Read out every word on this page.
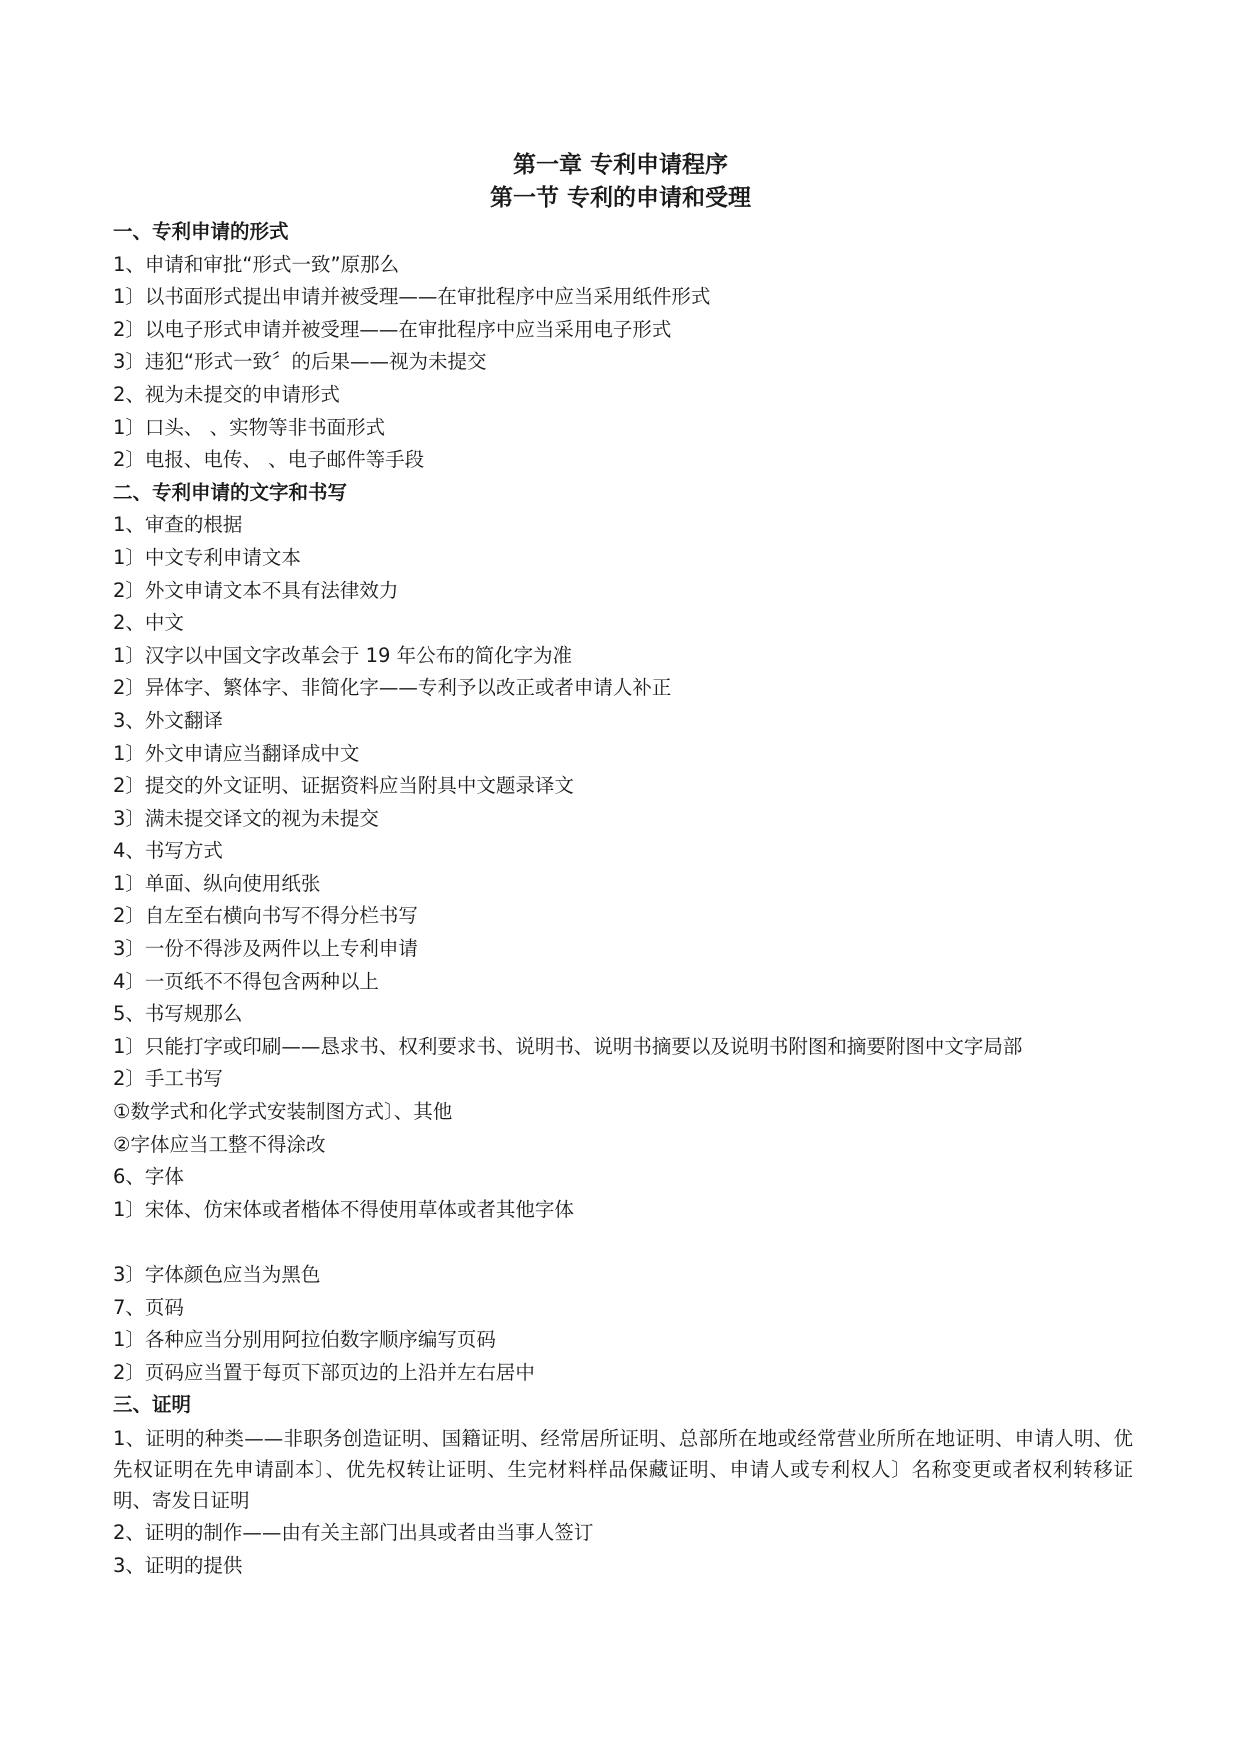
第一章 专利申请程序
第一节 专利的申请和受理

一、专利申请的形式

1、申请和审批“形式一致”原那么

1〕以书面形式提出申请并被受理——在审批程序中应当采用纸件形式

2〕以电子形式申请并被受理——在审批程序中应当采用电子形式

3〕违犯“形式一致〞的后果——视为未提交

2、视为未提交的申请形式

1〕口头、 、实物等非书面形式

2〕电报、电传、 、电子邮件等手段

二、专利申请的文字和书写

1、审查的根据

1〕中文专利申请文本

2〕外文申请文本不具有法律效力

2、中文

1〕汉字以中国文字改革会于 19 年公布的简化字为准

2〕异体字、繁体字、非简化字——专利予以改正或者申请人补正

3、外文翻译

1〕外文申请应当翻译成中文

2〕提交的外文证明、证据资料应当附具中文题录译文

3〕满未提交译文的视为未提交

4、书写方式

1〕单面、纵向使用纸张

2〕自左至右横向书写不得分栏书写

3〕一份不得涉及两件以上专利申请

4〕一页纸不不得包含两种以上

5、书写规那么

1〕只能打字或印刷——恳求书、权利要求书、说明书、说明书摘要以及说明书附图和摘要附图中文字局部

2〕手工书写

①数学式和化学式安装制图方式〕、其他

②字体应当工整不得涂改

6、字体

1〕宋体、仿宋体或者楷体不得使用草体或者其他字体

3〕字体颜色应当为黑色

7、页码

1〕各种应当分别用阿拉伯数字顺序编写页码

2〕页码应当置于每页下部页边的上沿并左右居中

三、证明

1、证明的种类——非职务创造证明、国籍证明、经常居所证明、总部所在地或经常营业所所在地证明、申请人明、优先权证明在先申请副本〕、优先权转让证明、生完材料样品保藏证明、申请人或专利权人〕名称变更或者权利转移证明、寄发日证明

2、证明的制作——由有关主部门出具或者由当事人签订

3、证明的提供
